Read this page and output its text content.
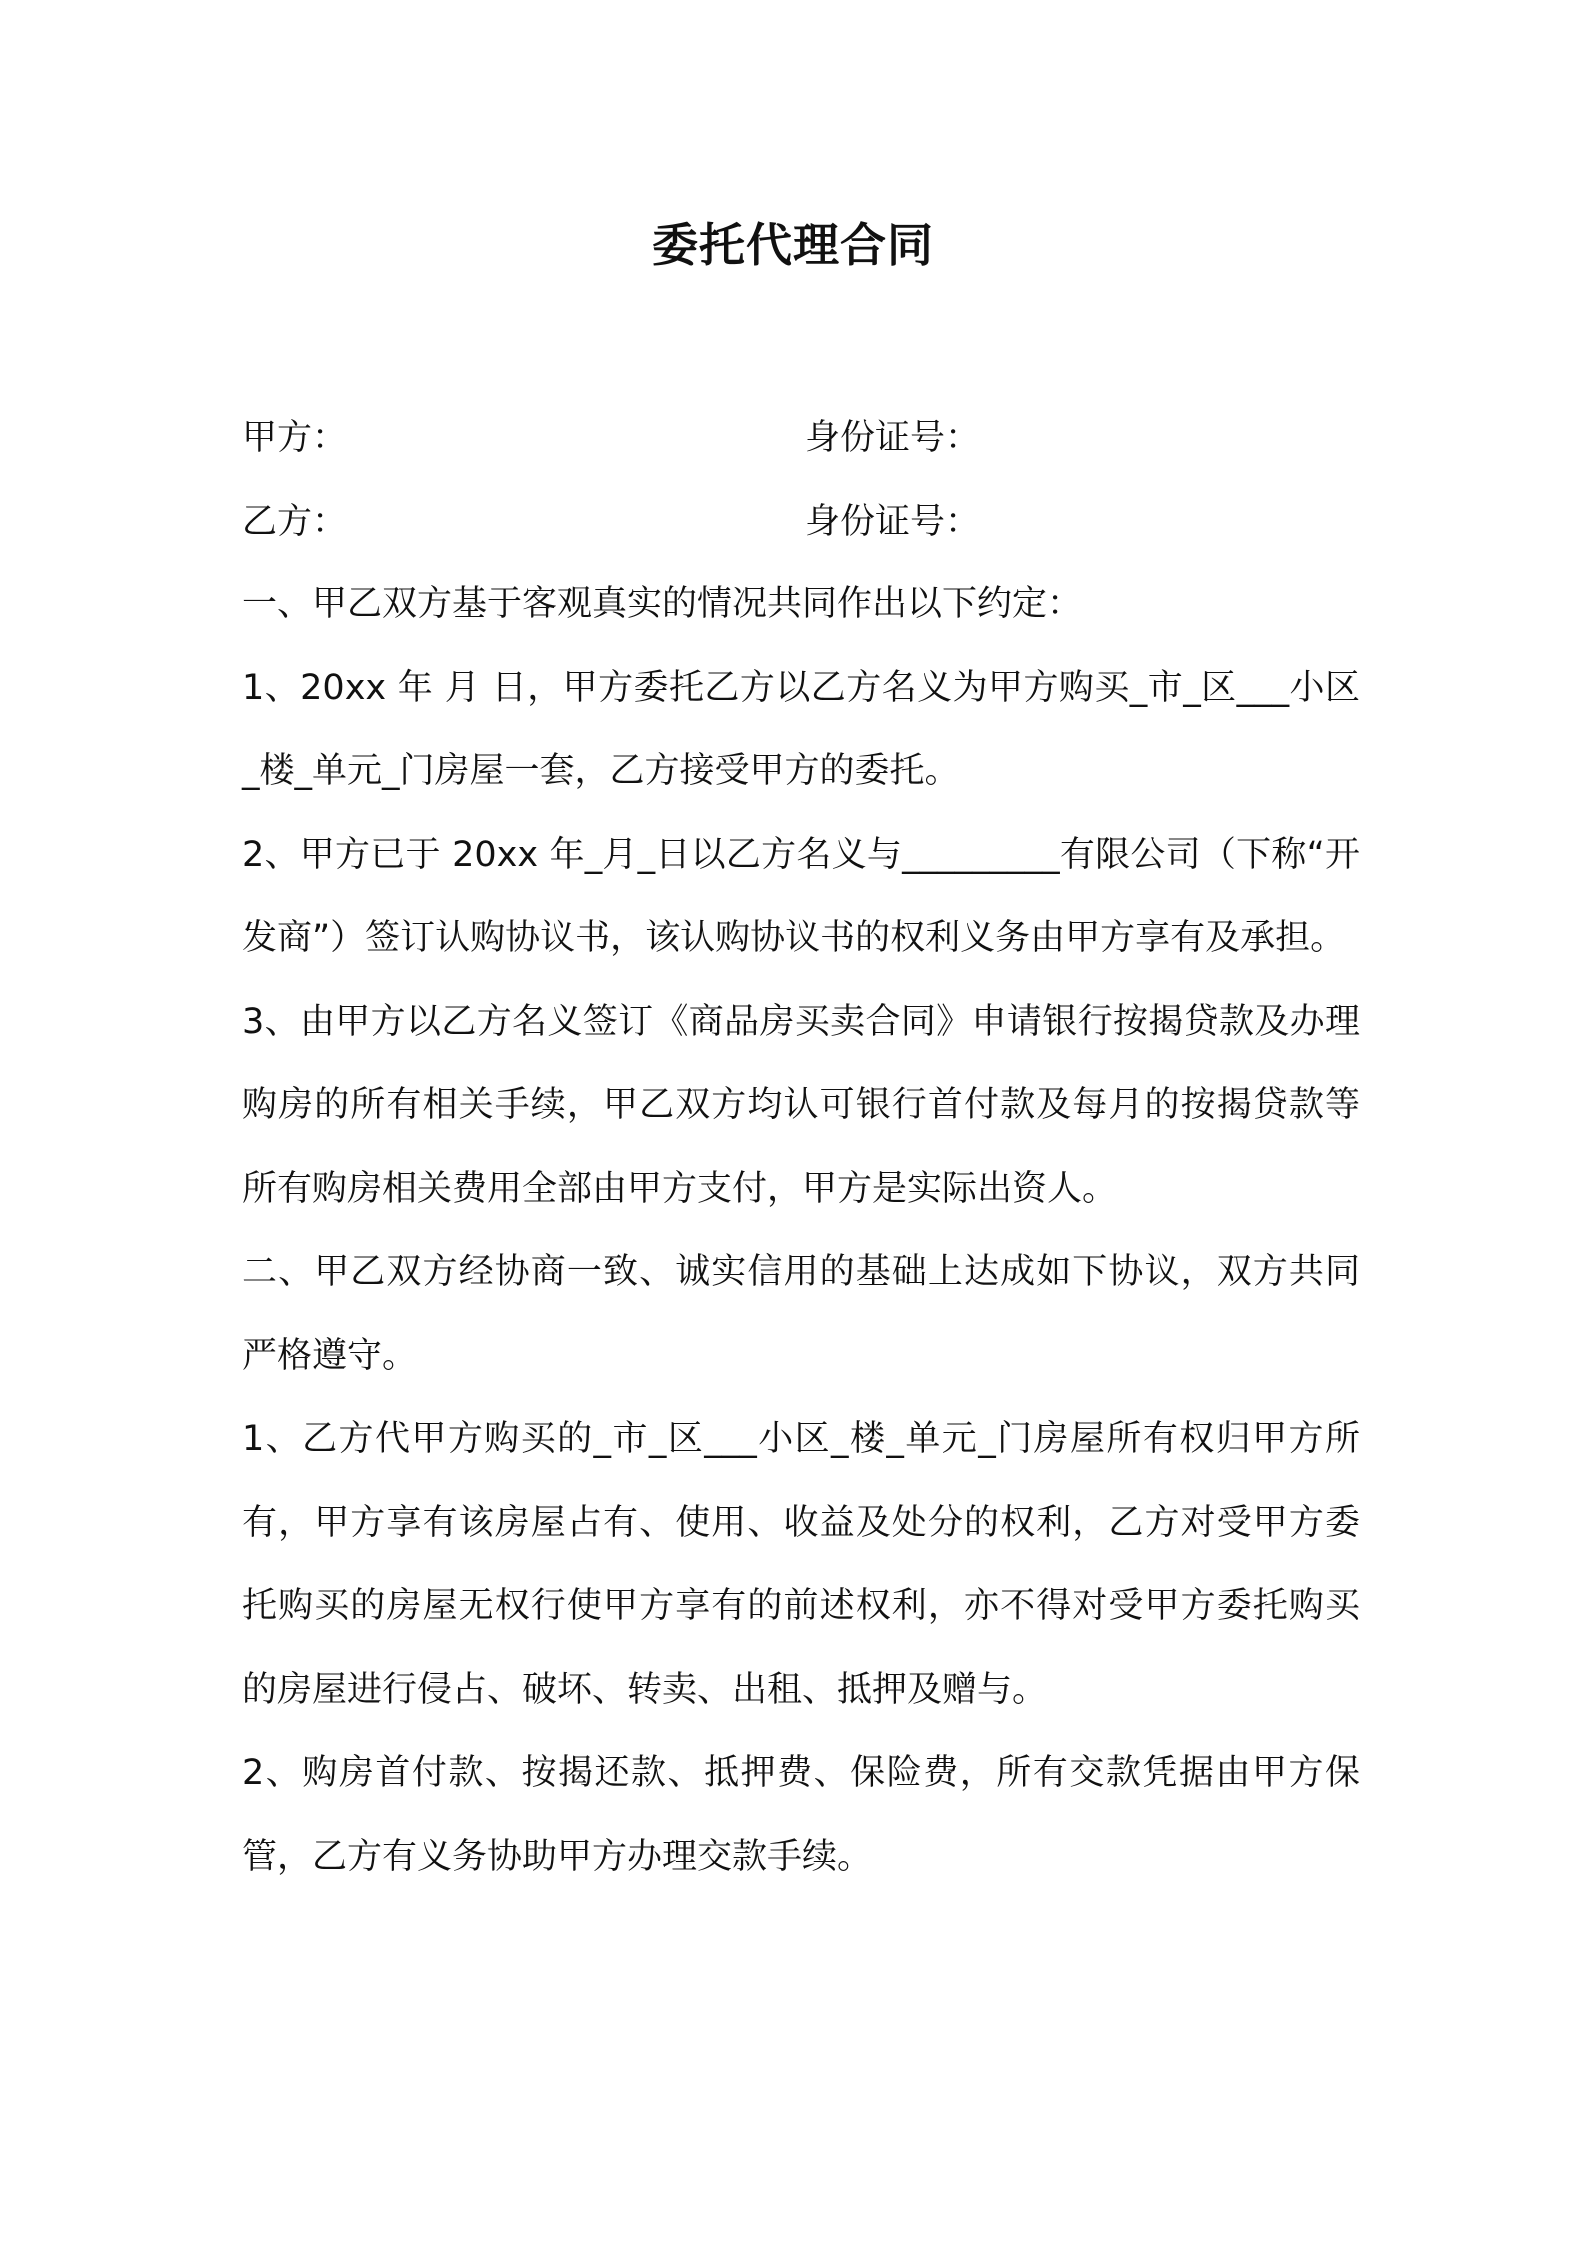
委托代理合同
甲方：	身份证号：
乙方：	身份证号：

一、甲乙双方基于客观真实的情况共同作出以下约定：

1、20xx 年 月 日，甲方委托乙方以乙方名义为甲方购买_市_区___小区_楼_单元_门房屋一套，乙方接受甲方的委托。

2、甲方已于 20xx 年_月_日以乙方名义与_________有限公司（下称“开发商”）签订认购协议书，该认购协议书的权利义务由甲方享有及承担。

3、由甲方以乙方名义签订《商品房买卖合同》申请银行按揭贷款及办理购房的所有相关手续，甲乙双方均认可银行首付款及每月的按揭贷款等所有购房相关费用全部由甲方支付，甲方是实际出资人。

二、甲乙双方经协商一致、诚实信用的基础上达成如下协议，双方共同严格遵守。

1、乙方代甲方购买的_市_区___小区_楼_单元_门房屋所有权归甲方所有，甲方享有该房屋占有、使用、收益及处分的权利，乙方对受甲方委托购买的房屋无权行使甲方享有的前述权利，亦不得对受甲方委托购买的房屋进行侵占、破坏、转卖、出租、抵押及赠与。

2、购房首付款、按揭还款、抵押费、保险费，所有交款凭据由甲方保管，乙方有义务协助甲方办理交款手续。
